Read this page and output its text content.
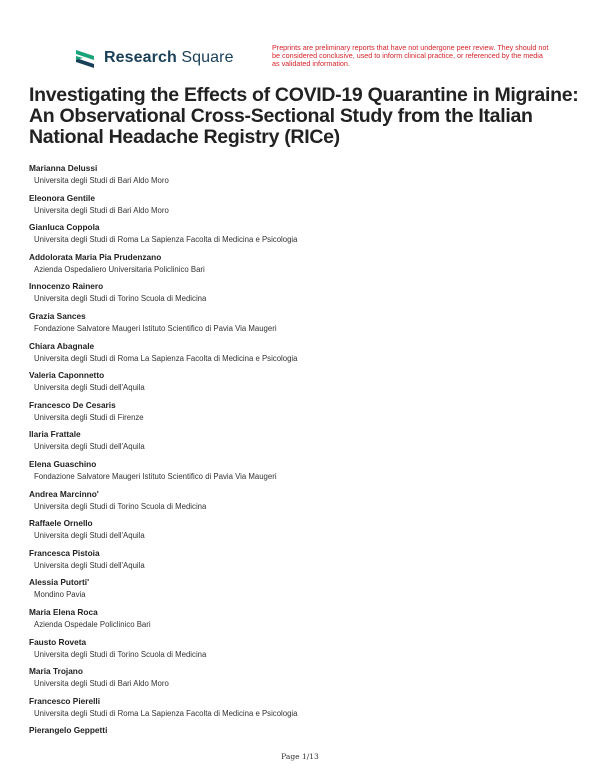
Research Square
Preprints are preliminary reports that have not undergone peer review. They should not be considered conclusive, used to inform clinical practice, or referenced by the media as validated information.
Investigating the Effects of COVID-19 Quarantine in Migraine: An Observational Cross-Sectional Study from the Italian National Headache Registry (RICe)
Marianna Delussi
Universita degli Studi di Bari Aldo Moro
Eleonora Gentile
Universita degli Studi di Bari Aldo Moro
Gianluca Coppola
Universita degli Studi di Roma La Sapienza Facolta di Medicina e Psicologia
Addolorata Maria Pia Prudenzano
Azienda Ospedaliero Universitaria Policlinico Bari
Innocenzo Rainero
Universita degli Studi di Torino Scuola di Medicina
Grazia Sances
Fondazione Salvatore Maugeri Istituto Scientifico di Pavia Via Maugeri
Chiara Abagnale
Universita degli Studi di Roma La Sapienza Facolta di Medicina e Psicologia
Valeria Caponnetto
Universita degli Studi dell'Aquila
Francesco De Cesaris
Universita degli Studi di Firenze
Ilaria Frattale
Universita degli Studi dell'Aquila
Elena Guaschino
Fondazione Salvatore Maugeri Istituto Scientifico di Pavia Via Maugeri
Andrea Marcinno'
Universita degli Studi di Torino Scuola di Medicina
Raffaele Ornello
Universita degli Studi dell'Aquila
Francesca Pistoia
Universita degli Studi dell'Aquila
Alessia Putorti'
Mondino Pavia
Maria Elena Roca
Azienda Ospedale Policlinico Bari
Fausto Roveta
Universita degli Studi di Torino Scuola di Medicina
Maria Trojano
Universita degli Studi di Bari Aldo Moro
Francesco Pierelli
Universita degli Studi di Roma La Sapienza Facolta di Medicina e Psicologia
Pierangelo Geppetti
Page 1/13
